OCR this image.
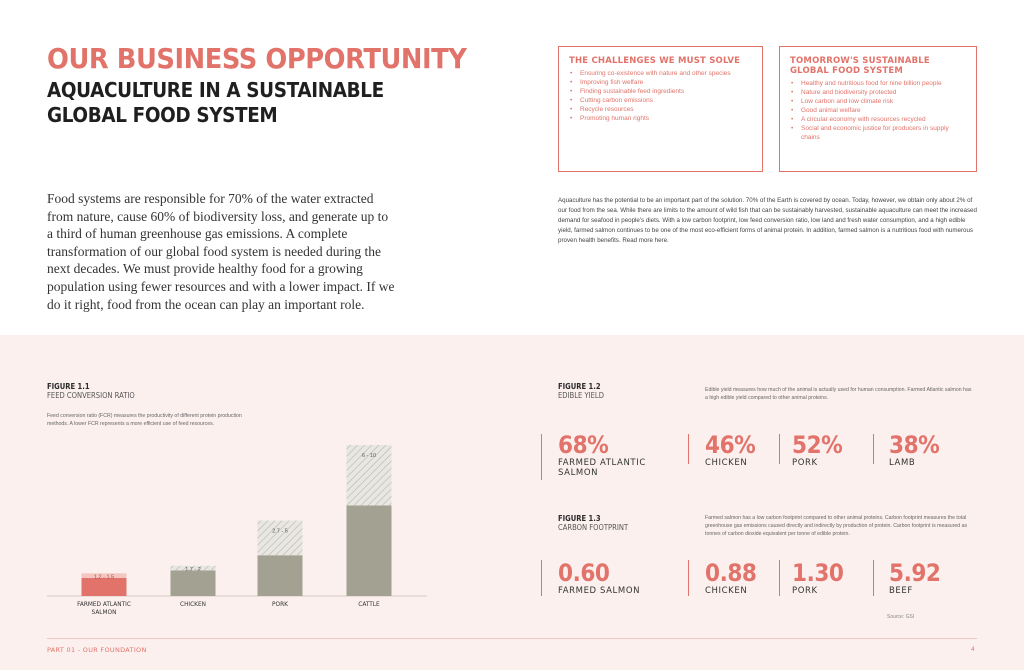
OUR BUSINESS OPPORTUNITY
AQUACULTURE IN A SUSTAINABLE GLOBAL FOOD SYSTEM

Food systems are responsible for 70% of the water extracted from nature, cause 60% of biodiversity loss, and generate up to a third of human greenhouse gas emissions. A complete transformation of our global food system is needed during the next decades. We must provide healthy food for a growing population using fewer resources and with a lower impact. If we do it right, food from the ocean can play an important role.

THE CHALLENGES WE MUST SOLVE
• Ensuring co-existence with nature and other species
• Improving fish welfare
• Finding sustainable feed ingredients
• Cutting carbon emissions
• Recycle resources
• Promoting human rights
TOMORROW'S SUSTAINABLE GLOBAL FOOD SYSTEM
• Healthy and nutritious food for nine billion people
• Nature and biodiversity protected
• Low carbon and low climate risk
• Good animal welfare
• A circular economy with resources recycled
• Social and economic justice for producers in supply chains

Aquaculture has the potential to be an important part of the solution. 70% of the Earth is covered by ocean. Today, however, we obtain only about 2% of our food from the sea. While there are limits to the amount of wild fish that can be sustainably harvested, sustainable aquaculture can meet the increased demand for seafood in people's diets. With a low carbon footprint, low feed conversion ratio, low land and fresh water consumption, and a high edible yield, farmed salmon continues to be one of the most eco-efficient forms of animal protein. In addition, farmed salmon is a nutritious food with numerous proven health benefits. Read more here.

FIGURE 1.1
FEED CONVERSION RATIO

Feed conversion ratio (FCR) measures the productivity of different protein production methods. A lower FCR represents a more efficient use of feed resources.

1.2 - 1.5
FARMED ATLANTIC
SALMON
1.7 - 2
CHICKEN
2.7 - 5
PORK
6 - 10
CATTLE
FIGURE 1.2
EDIBLE YIELD

Edible yield measures how much of the animal is actually used for human consumption. Farmed Atlantic salmon has a high edible yield compared to other animal proteins.

68%
FARMED ATLANTIC SALMON
46%
CHICKEN
52%
PORK
38%
LAMB
FIGURE 1.3
CARBON FOOTPRINT

Farmed salmon has a low carbon footprint compared to other animal proteins. Carbon footprint measures the total greenhouse gas emissions caused directly and indirectly by production of protein. Carbon footprint is measured as tonnes of carbon dioxide equivalent per tonne of edible protein.

0.60
FARMED SALMON
0.88
CHICKEN
1.30
PORK
5.92
BEEF
Source: GSI
PART 01 - OUR FOUNDATION	4
